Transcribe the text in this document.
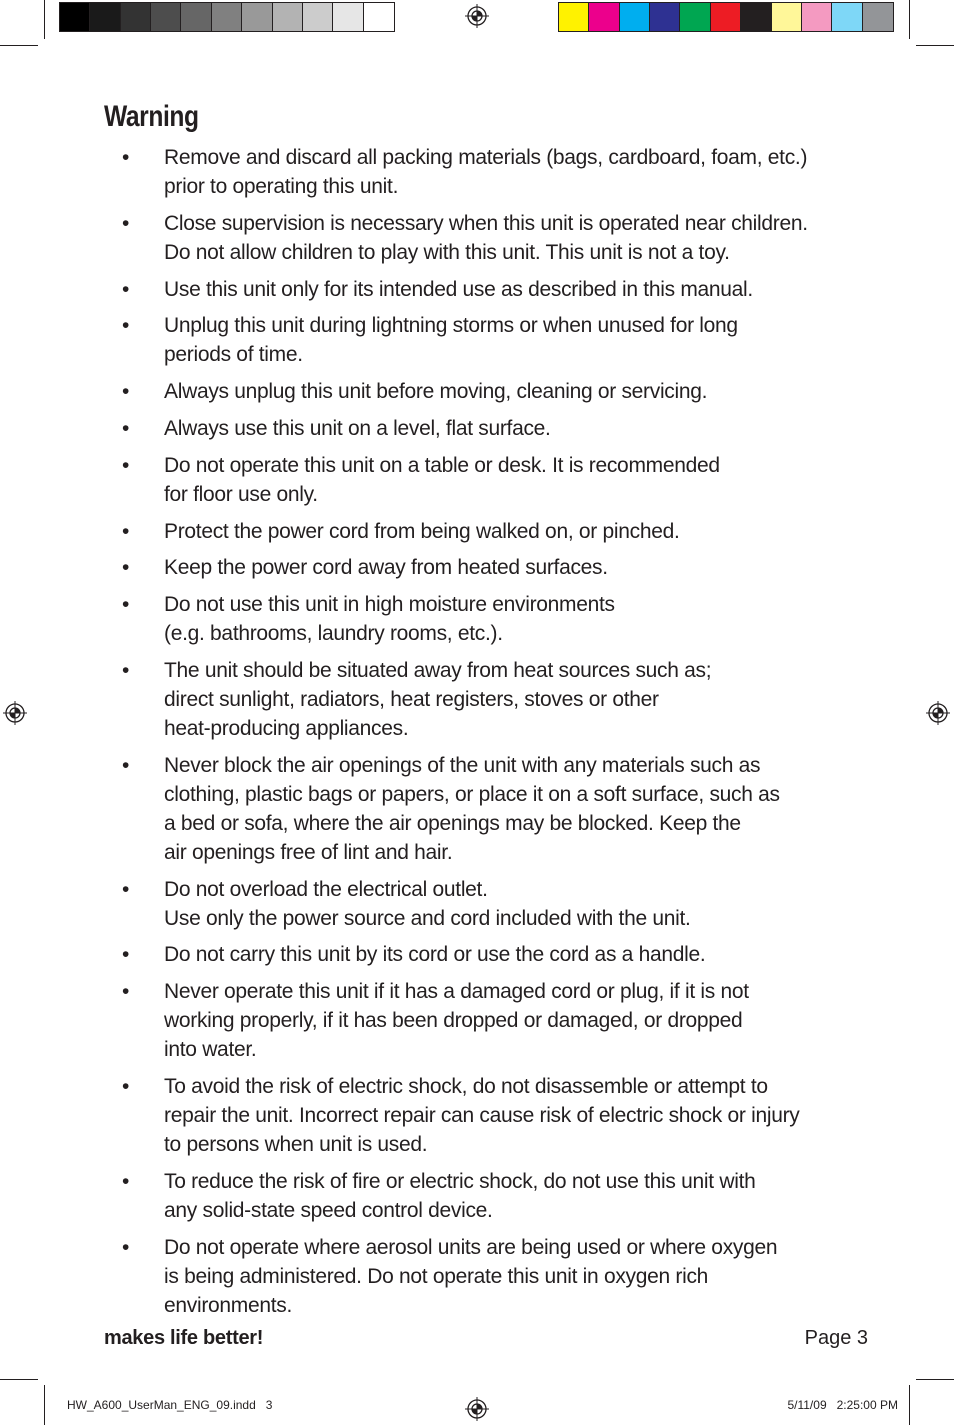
Warning
• Remove and discard all packing materials (bags, cardboard, foam, etc.)
prior to operating this unit.
• Close supervision is necessary when this unit is operated near children.
Do not allow children to play with this unit. This unit is not a toy.
• Use this unit only for its intended use as described in this manual.
• Unplug this unit during lightning storms or when unused for long
periods of time.
• Always unplug this unit before moving, cleaning or servicing.
• Always use this unit on a level, flat surface.
• Do not operate this unit on a table or desk. It is recommended
for floor use only.
• Protect the power cord from being walked on, or pinched.
• Keep the power cord away from heated surfaces.
• Do not use this unit in high moisture environments
(e.g. bathrooms, laundry rooms, etc.).
• The unit should be situated away from heat sources such as;
direct sunlight, radiators, heat registers, stoves or other
heat-producing appliances.
• Never block the air openings of the unit with any materials such as
clothing, plastic bags or papers, or place it on a soft surface, such as
a bed or sofa, where the air openings may be blocked. Keep the
air openings free of lint and hair.
• Do not overload the electrical outlet.
Use only the power source and cord included with the unit.
• Do not carry this unit by its cord or use the cord as a handle.
• Never operate this unit if it has a damaged cord or plug, if it is not
working properly, if it has been dropped or damaged, or dropped
into water.
• To avoid the risk of electric shock, do not disassemble or attempt to
repair the unit. Incorrect repair can cause risk of electric shock or injury
to persons when unit is used.
• To reduce the risk of fire or electric shock, do not use this unit with
any solid-state speed control device.
• Do not operate where aerosol units are being used or where oxygen
is being administered. Do not operate this unit in oxygen rich
environments.
makes life better!	Page 3
HW_A600_UserMan_ENG_09.indd   3	5/11/09   2:25:00 PM
